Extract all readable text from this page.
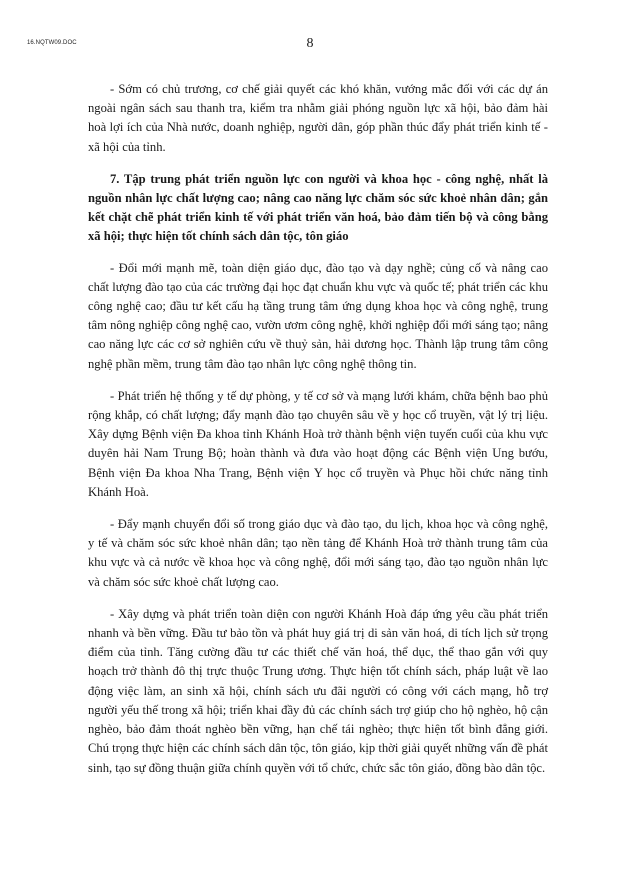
16.NQTW09.DOC	8

- Sớm có chủ trương, cơ chế giải quyết các khó khăn, vướng mắc đối với các dự án ngoài ngân sách sau thanh tra, kiểm tra nhằm giải phóng nguồn lực xã hội, bảo đảm hài hoà lợi ích của Nhà nước, doanh nghiệp, người dân, góp phần thúc đẩy phát triển kinh tế - xã hội của tỉnh.

7. Tập trung phát triển nguồn lực con người và khoa học - công nghệ, nhất là nguồn nhân lực chất lượng cao; nâng cao năng lực chăm sóc sức khoẻ nhân dân; gắn kết chặt chẽ phát triển kinh tế với phát triển văn hoá, bảo đảm tiến bộ và công bằng xã hội; thực hiện tốt chính sách dân tộc, tôn giáo

- Đổi mới mạnh mẽ, toàn diện giáo dục, đào tạo và dạy nghề; củng cố và nâng cao chất lượng đào tạo của các trường đại học đạt chuẩn khu vực và quốc tế; phát triển các khu công nghệ cao; đầu tư kết cấu hạ tầng trung tâm ứng dụng khoa học và công nghệ, trung tâm nông nghiệp công nghệ cao, vườn ươm công nghệ, khởi nghiệp đổi mới sáng tạo; nâng cao năng lực các cơ sở nghiên cứu về thuỷ sản, hải dương học. Thành lập trung tâm công nghệ phần mềm, trung tâm đào tạo nhân lực công nghệ thông tin.

- Phát triển hệ thống y tế dự phòng, y tế cơ sở và mạng lưới khám, chữa bệnh bao phủ rộng khắp, có chất lượng; đẩy mạnh đào tạo chuyên sâu về y học cổ truyền, vật lý trị liệu. Xây dựng Bệnh viện Đa khoa tỉnh Khánh Hoà trở thành bệnh viện tuyến cuối của khu vực duyên hải Nam Trung Bộ; hoàn thành và đưa vào hoạt động các Bệnh viện Ung bướu, Bệnh viện Đa khoa Nha Trang, Bệnh viện Y học cổ truyền và Phục hồi chức năng tỉnh Khánh Hoà.

- Đẩy mạnh chuyển đổi số trong giáo dục và đào tạo, du lịch, khoa học và công nghệ, y tế và chăm sóc sức khoẻ nhân dân; tạo nền tảng để Khánh Hoà trở thành trung tâm của khu vực và cả nước về khoa học và công nghệ, đổi mới sáng tạo, đào tạo nguồn nhân lực và chăm sóc sức khoẻ chất lượng cao.

- Xây dựng và phát triển toàn diện con người Khánh Hoà đáp ứng yêu cầu phát triển nhanh và bền vững. Đầu tư bảo tồn và phát huy giá trị di sản văn hoá, di tích lịch sử trọng điểm của tỉnh. Tăng cường đầu tư các thiết chế văn hoá, thể dục, thể thao gắn với quy hoạch trở thành đô thị trực thuộc Trung ương. Thực hiện tốt chính sách, pháp luật về lao động việc làm, an sinh xã hội, chính sách ưu đãi người có công với cách mạng, hỗ trợ người yếu thế trong xã hội; triển khai đầy đủ các chính sách trợ giúp cho hộ nghèo, hộ cận nghèo, bảo đảm thoát nghèo bền vững, hạn chế tái nghèo; thực hiện tốt bình đẳng giới. Chú trọng thực hiện các chính sách dân tộc, tôn giáo, kịp thời giải quyết những vấn đề phát sinh, tạo sự đồng thuận giữa chính quyền với tổ chức, chức sắc tôn giáo, đồng bào dân tộc.
